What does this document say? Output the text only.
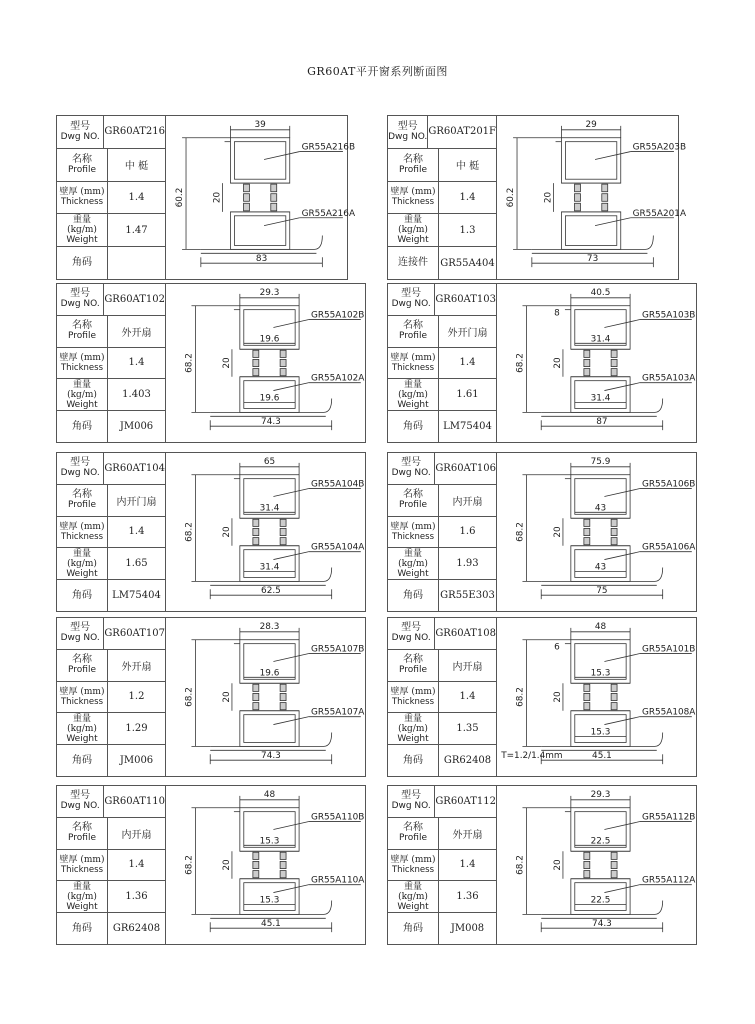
GR60AT平开窗系列断面图
型号
Dwg NO. GR60AT216
名称
Profile	中 梃
壁厚 (mm)
Thickness	1.4
重量 (kg/m)
Weight
1.47
角码
39
83
60.2	20
GR55A216B
GR55A216A
型号
Dwg NO. GR60AT201F
名称
Profile	中 梃
壁厚 (mm)
Thickness	1.4
重量 (kg/m)
Weight
1.3
连接件 GR55A404
29
73
60.2	20
GR55A203B
GR55A201A
型号
Dwg NO. GR60AT102
名称
Profile	外开扇
壁厚 (mm)
Thickness	1.4
重量 (kg/m)
Weight
1.403
角码	JM006
29.3
74.3
68.2	20
19.6
19.6
GR55A102B
GR55A102A
型号
Dwg NO. GR60AT103
名称
Profile	外开门扇
壁厚 (mm)
Thickness	1.4
重量 (kg/m)
Weight
1.61
角码	LM75404
40.5
87
68.2	20
31.4
31.4
8	GR55A103B
GR55A103A
型号
Dwg NO. GR60AT104
名称
Profile	内开门扇
壁厚 (mm)
Thickness	1.4
重量 (kg/m)
Weight
1.65
角码	LM75404
65
62.5
68.2	20
31.4
31.4
GR55A104B
GR55A104A
型号
Dwg NO. GR60AT106
名称
Profile	内开扇
壁厚 (mm)
Thickness	1.6
重量 (kg/m)
Weight
1.93
角码 GR55E303
75.9
75
68.2	20
43
43
GR55A106B
GR55A106A
型号
Dwg NO. GR60AT107
名称
Profile	外开扇
壁厚 (mm)
Thickness	1.2
重量 (kg/m)
Weight
1.29
角码	JM006
28.3
74.3
68.2	20
19.6
GR55A107B
GR55A107A
型号
Dwg NO. GR60AT108
名称
Profile	内开扇
壁厚 (mm)
Thickness	1.4
重量 (kg/m)
Weight
1.35
角码	GR62408
48
45.1
68.2	20
15.3
15.3
6
T=1.2/1.4mm
GR55A101B
GR55A108A
型号
Dwg NO. GR60AT110
名称
Profile	内开扇
壁厚 (mm)
Thickness	1.4
重量 (kg/m)
Weight
1.36
角码	GR62408
48
45.1
68.2	20
15.3
15.3
GR55A110B
GR55A110A
型号
Dwg NO. GR60AT112
名称
Profile	外开扇
壁厚 (mm)
Thickness	1.4
重量 (kg/m)
Weight
1.36
角码	JM008
29.3
74.3
68.2	20
22.5
22.5
GR55A112B
GR55A112A
